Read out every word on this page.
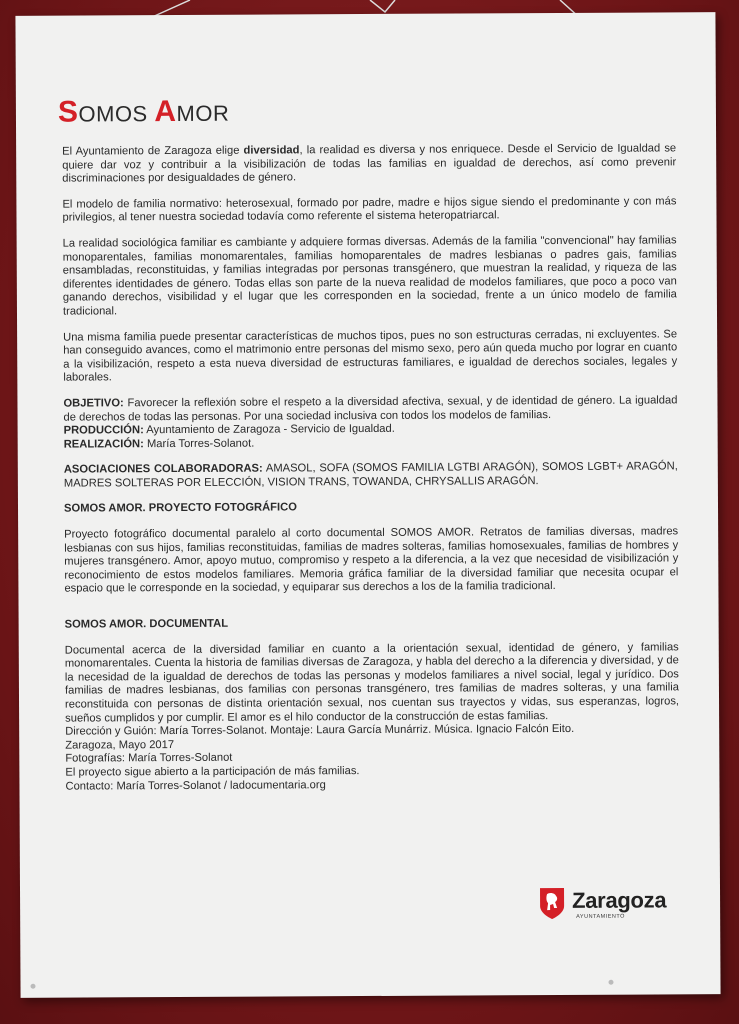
SOMOS AMOR

El Ayuntamiento de Zaragoza elige diversidad, la realidad es diversa y nos enriquece. Desde el Servicio de Igualdad se quiere dar voz y contribuir a la visibilización de todas las familias en igualdad de derechos, así como prevenir discriminaciones por desigualdades de género.

El modelo de familia normativo: heterosexual, formado por padre, madre e hijos sigue siendo el predominante y con más privilegios, al tener nuestra sociedad todavía como referente el sistema heteropatriarcal.

La realidad sociológica familiar es cambiante y adquiere formas diversas. Además de la familia "convencional" hay familias monoparentales, familias monomarentales, familias homoparentales de madres lesbianas o padres gais, familias ensambladas, reconstituidas, y familias integradas por personas transgénero, que muestran la realidad, y riqueza de las diferentes identidades de género. Todas ellas son parte de la nueva realidad de modelos familiares, que poco a poco van ganando derechos, visibilidad y el lugar que les corresponden en la sociedad, frente a un único modelo de familia tradicional.

Una misma familia puede presentar características de muchos tipos, pues no son estructuras cerradas, ni excluyentes. Se han conseguido avances, como el matrimonio entre personas del mismo sexo, pero aún queda mucho por lograr en cuanto a la visibilización, respeto a esta nueva diversidad de estructuras familiares, e igualdad de derechos sociales, legales y laborales.

OBJETIVO: Favorecer la reflexión sobre el respeto a la diversidad afectiva, sexual, y de identidad de género. La igualdad de derechos de todas las personas. Por una sociedad inclusiva con todos los modelos de familias.

PRODUCCIÓN: Ayuntamiento de Zaragoza - Servicio de Igualdad.

REALIZACIÓN: María Torres-Solanot.

ASOCIACIONES COLABORADORAS: AMASOL, SOFA (SOMOS FAMILIA LGTBI ARAGÓN), SOMOS LGBT+ ARAGÓN, MADRES SOLTERAS POR ELECCIÓN, VISION TRANS, TOWANDA, CHRYSALLIS ARAGÓN.

SOMOS AMOR. PROYECTO FOTOGRÁFICO

Proyecto fotográfico documental paralelo al corto documental SOMOS AMOR. Retratos de familias diversas, madres lesbianas con sus hijos, familias reconstituidas, familias de madres solteras, familias homosexuales, familias de hombres y mujeres transgénero. Amor, apoyo mutuo, compromiso y respeto a la diferencia, a la vez que necesidad de visibilización y reconocimiento de estos modelos familiares. Memoria gráfica familiar de la diversidad familiar que necesita ocupar el espacio que le corresponde en la sociedad, y equiparar sus derechos a los de la familia tradicional.

SOMOS AMOR. DOCUMENTAL

Documental acerca de la diversidad familiar en cuanto a la orientación sexual, identidad de género, y familias monomarentales. Cuenta la historia de familias diversas de Zaragoza, y habla del derecho a la diferencia y diversidad, y de la necesidad de la igualdad de derechos de todas las personas y modelos familiares a nivel social, legal y jurídico. Dos familias de madres lesbianas, dos familias con personas transgénero, tres familias de madres solteras, y una familia reconstituida con personas de distinta orientación sexual, nos cuentan sus trayectos y vidas, sus esperanzas, logros, sueños cumplidos y por cumplir. El amor es el hilo conductor de la construcción de estas familias.

Dirección y Guión: María Torres-Solanot. Montaje: Laura García Munárriz. Música. Ignacio Falcón Eito.
Zaragoza, Mayo 2017
Fotografías: María Torres-Solanot
El proyecto sigue abierto a la participación de más familias.
Contacto: María Torres-Solanot / ladocumentaria.org
Zaragoza
AYUNTAMIENTO
